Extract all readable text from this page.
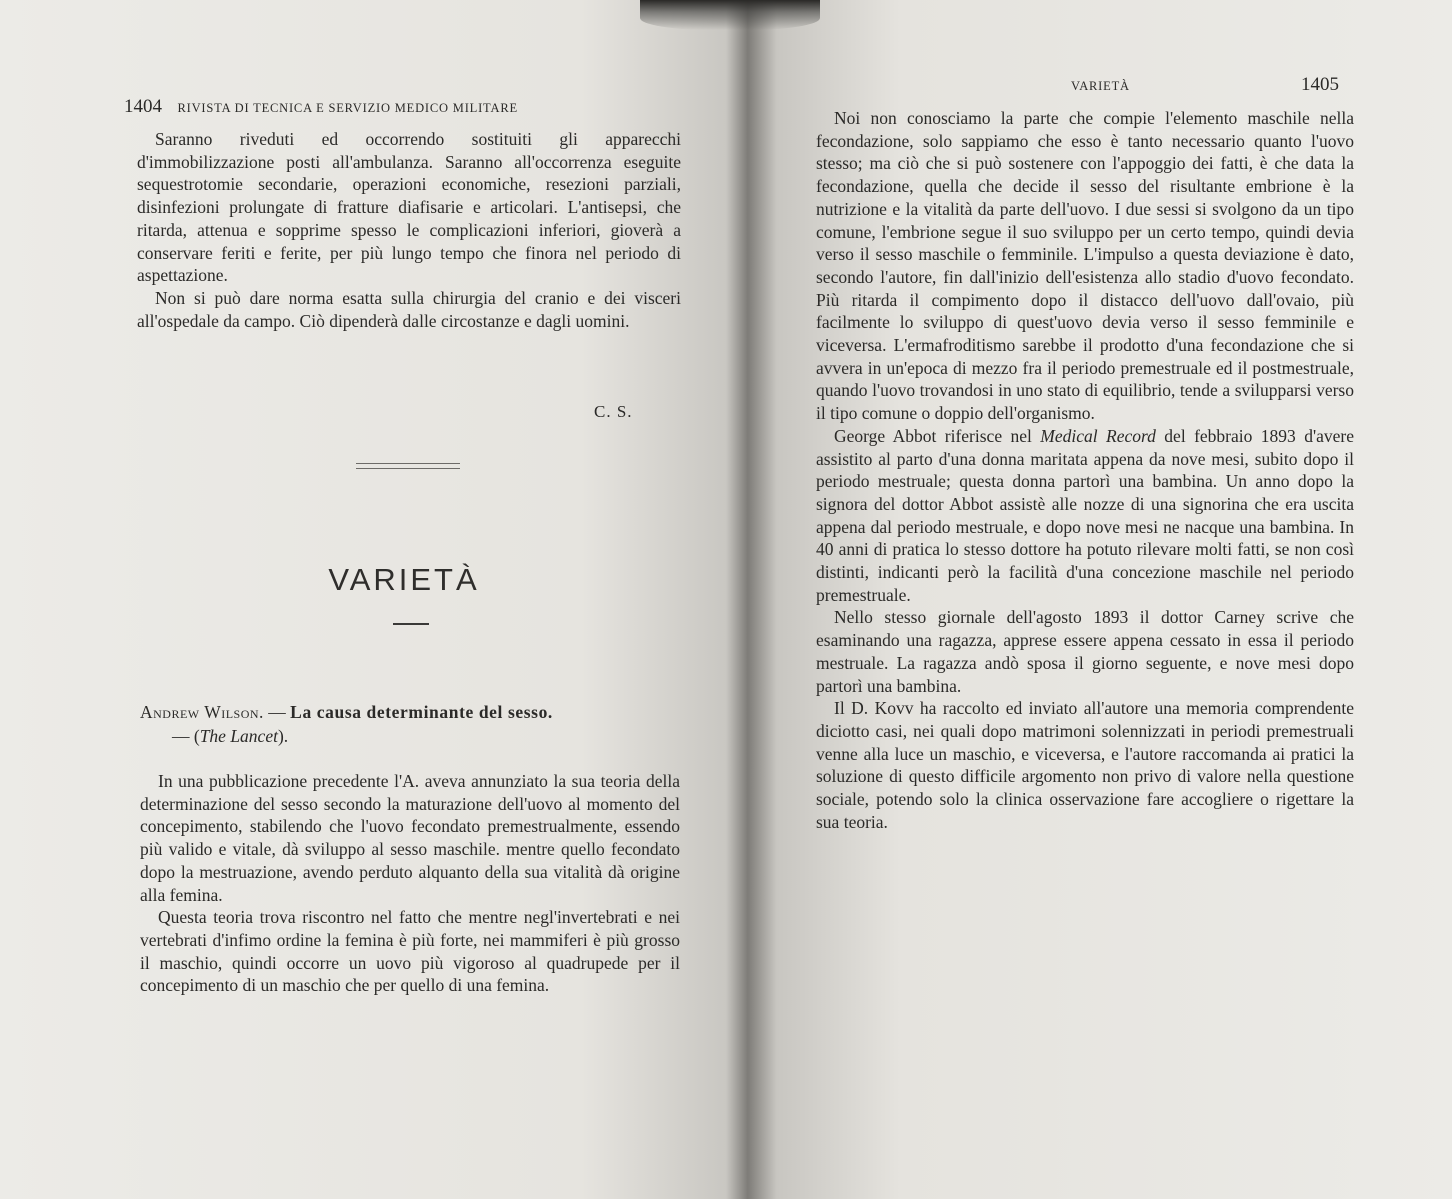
1404 RIVISTA DI TECNICA E SERVIZIO MEDICO MILITARE

Saranno riveduti ed occorrendo sostituiti gli apparecchi d'immobilizzazione posti all'ambulanza. Saranno all'occorrenza eseguite sequestrotomie secondarie, operazioni economiche, resezioni parziali, disinfezioni prolungate di fratture diafisarie e articolari. L'antisepsi, che ritarda, attenua e sopprime spesso le complicazioni inferiori, gioverà a conservare feriti e ferite, per più lungo tempo che finora nel periodo di aspettazione.

Non si può dare norma esatta sulla chirurgia del cranio e dei visceri all'ospedale da campo. Ciò dipenderà dalle circostanze e dagli uomini.

C. S.
VARIETÀ
Andrew Wilson. — La causa determinante del sesso.
— (The Lancet).

In una pubblicazione precedente l'A. aveva annunziato la sua teoria della determinazione del sesso secondo la maturazione dell'uovo al momento del concepimento, stabilendo che l'uovo fecondato premestrualmente, essendo più valido e vitale, dà sviluppo al sesso maschile. mentre quello fecondato dopo la mestruazione, avendo perduto alquanto della sua vitalità dà origine alla femina.

Questa teoria trova riscontro nel fatto che mentre negl'invertebrati e nei vertebrati d'infimo ordine la femina è più forte, nei mammiferi è più grosso il maschio, quindi occorre un uovo più vigoroso al quadrupede per il concepimento di un maschio che per quello di una femina.

VARIETÀ	1405

Noi non conosciamo la parte che compie l'elemento maschile nella fecondazione, solo sappiamo che esso è tanto necessario quanto l'uovo stesso; ma ciò che si può sostenere con l'appoggio dei fatti, è che data la fecondazione, quella che decide il sesso del risultante embrione è la nutrizione e la vitalità da parte dell'uovo. I due sessi si svolgono da un tipo comune, l'embrione segue il suo sviluppo per un certo tempo, quindi devia verso il sesso maschile o femminile. L'impulso a questa deviazione è dato, secondo l'autore, fin dall'inizio dell'esistenza allo stadio d'uovo fecondato. Più ritarda il compimento dopo il distacco dell'uovo dall'ovaio, più facilmente lo sviluppo di quest'uovo devia verso il sesso femminile e viceversa. L'ermafroditismo sarebbe il prodotto d'una fecondazione che si avvera in un'epoca di mezzo fra il periodo premestruale ed il postmestruale, quando l'uovo trovandosi in uno stato di equilibrio, tende a svilupparsi verso il tipo comune o doppio dell'organismo.

George Abbot riferisce nel Medical Record del febbraio 1893 d'avere assistito al parto d'una donna maritata appena da nove mesi, subito dopo il periodo mestruale; questa donna partorì una bambina. Un anno dopo la signora del dottor Abbot assistè alle nozze di una signorina che era uscita appena dal periodo mestruale, e dopo nove mesi ne nacque una bambina. In 40 anni di pratica lo stesso dottore ha potuto rilevare molti fatti, se non così distinti, indicanti però la facilità d'una concezione maschile nel periodo premestruale.

Nello stesso giornale dell'agosto 1893 il dottor Carney scrive che esaminando una ragazza, apprese essere appena cessato in essa il periodo mestruale. La ragazza andò sposa il giorno seguente, e nove mesi dopo partorì una bambina.

Il D. Kovv ha raccolto ed inviato all'autore una memoria comprendente diciotto casi, nei quali dopo matrimoni solennizzati in periodi premestruali venne alla luce un maschio, e viceversa, e l'autore raccomanda ai pratici la soluzione di questo difficile argomento non privo di valore nella questione sociale, potendo solo la clinica osservazione fare accogliere o rigettare la sua teoria.
